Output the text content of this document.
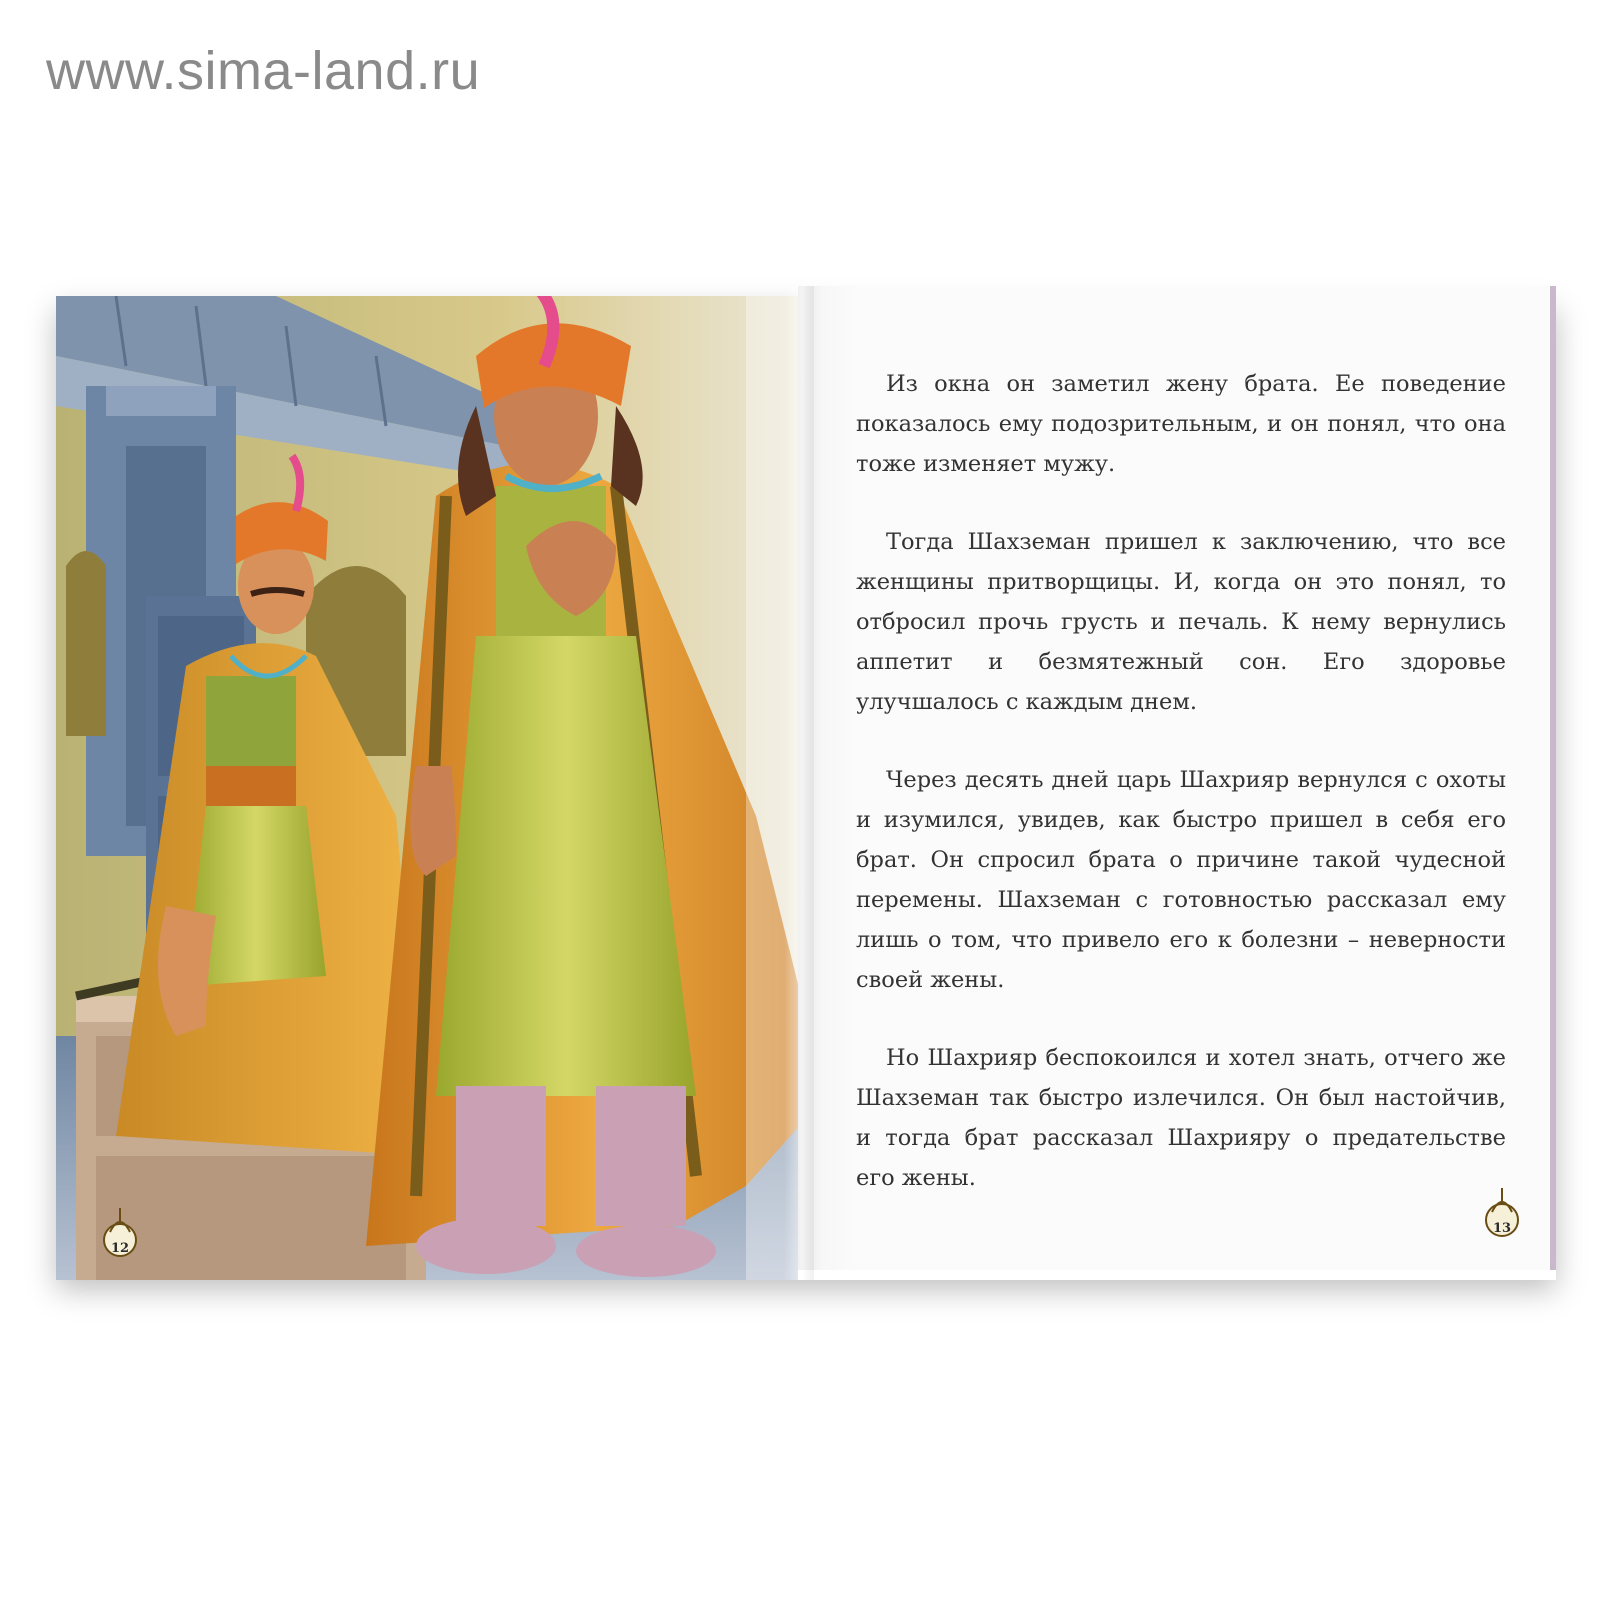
www.sima-land.ru
12

Из окна он заметил жену брата. Ее поведение показалось ему подозрительным, и он понял, что она тоже изменяет мужу.

Тогда Шахземан пришел к заключению, что все женщины притворщицы. И, когда он это понял, то отбросил прочь грусть и печаль. К нему вернулись аппетит и безмятежный сон. Его здоровье улучшалось с каждым днем.

Через десять дней царь Шахрияр вернулся с охоты и изумился, увидев, как быстро пришел в себя его брат. Он спросил брата о причине такой чудесной перемены. Шахземан с готовностью рассказал ему лишь о том, что привело его к болезни – неверности своей жены.

Но Шахрияр беспокоился и хотел знать, отчего же Шахземан так быстро излечился. Он был настойчив, и тогда брат рассказал Шахрияру о предательстве его жены.

13
